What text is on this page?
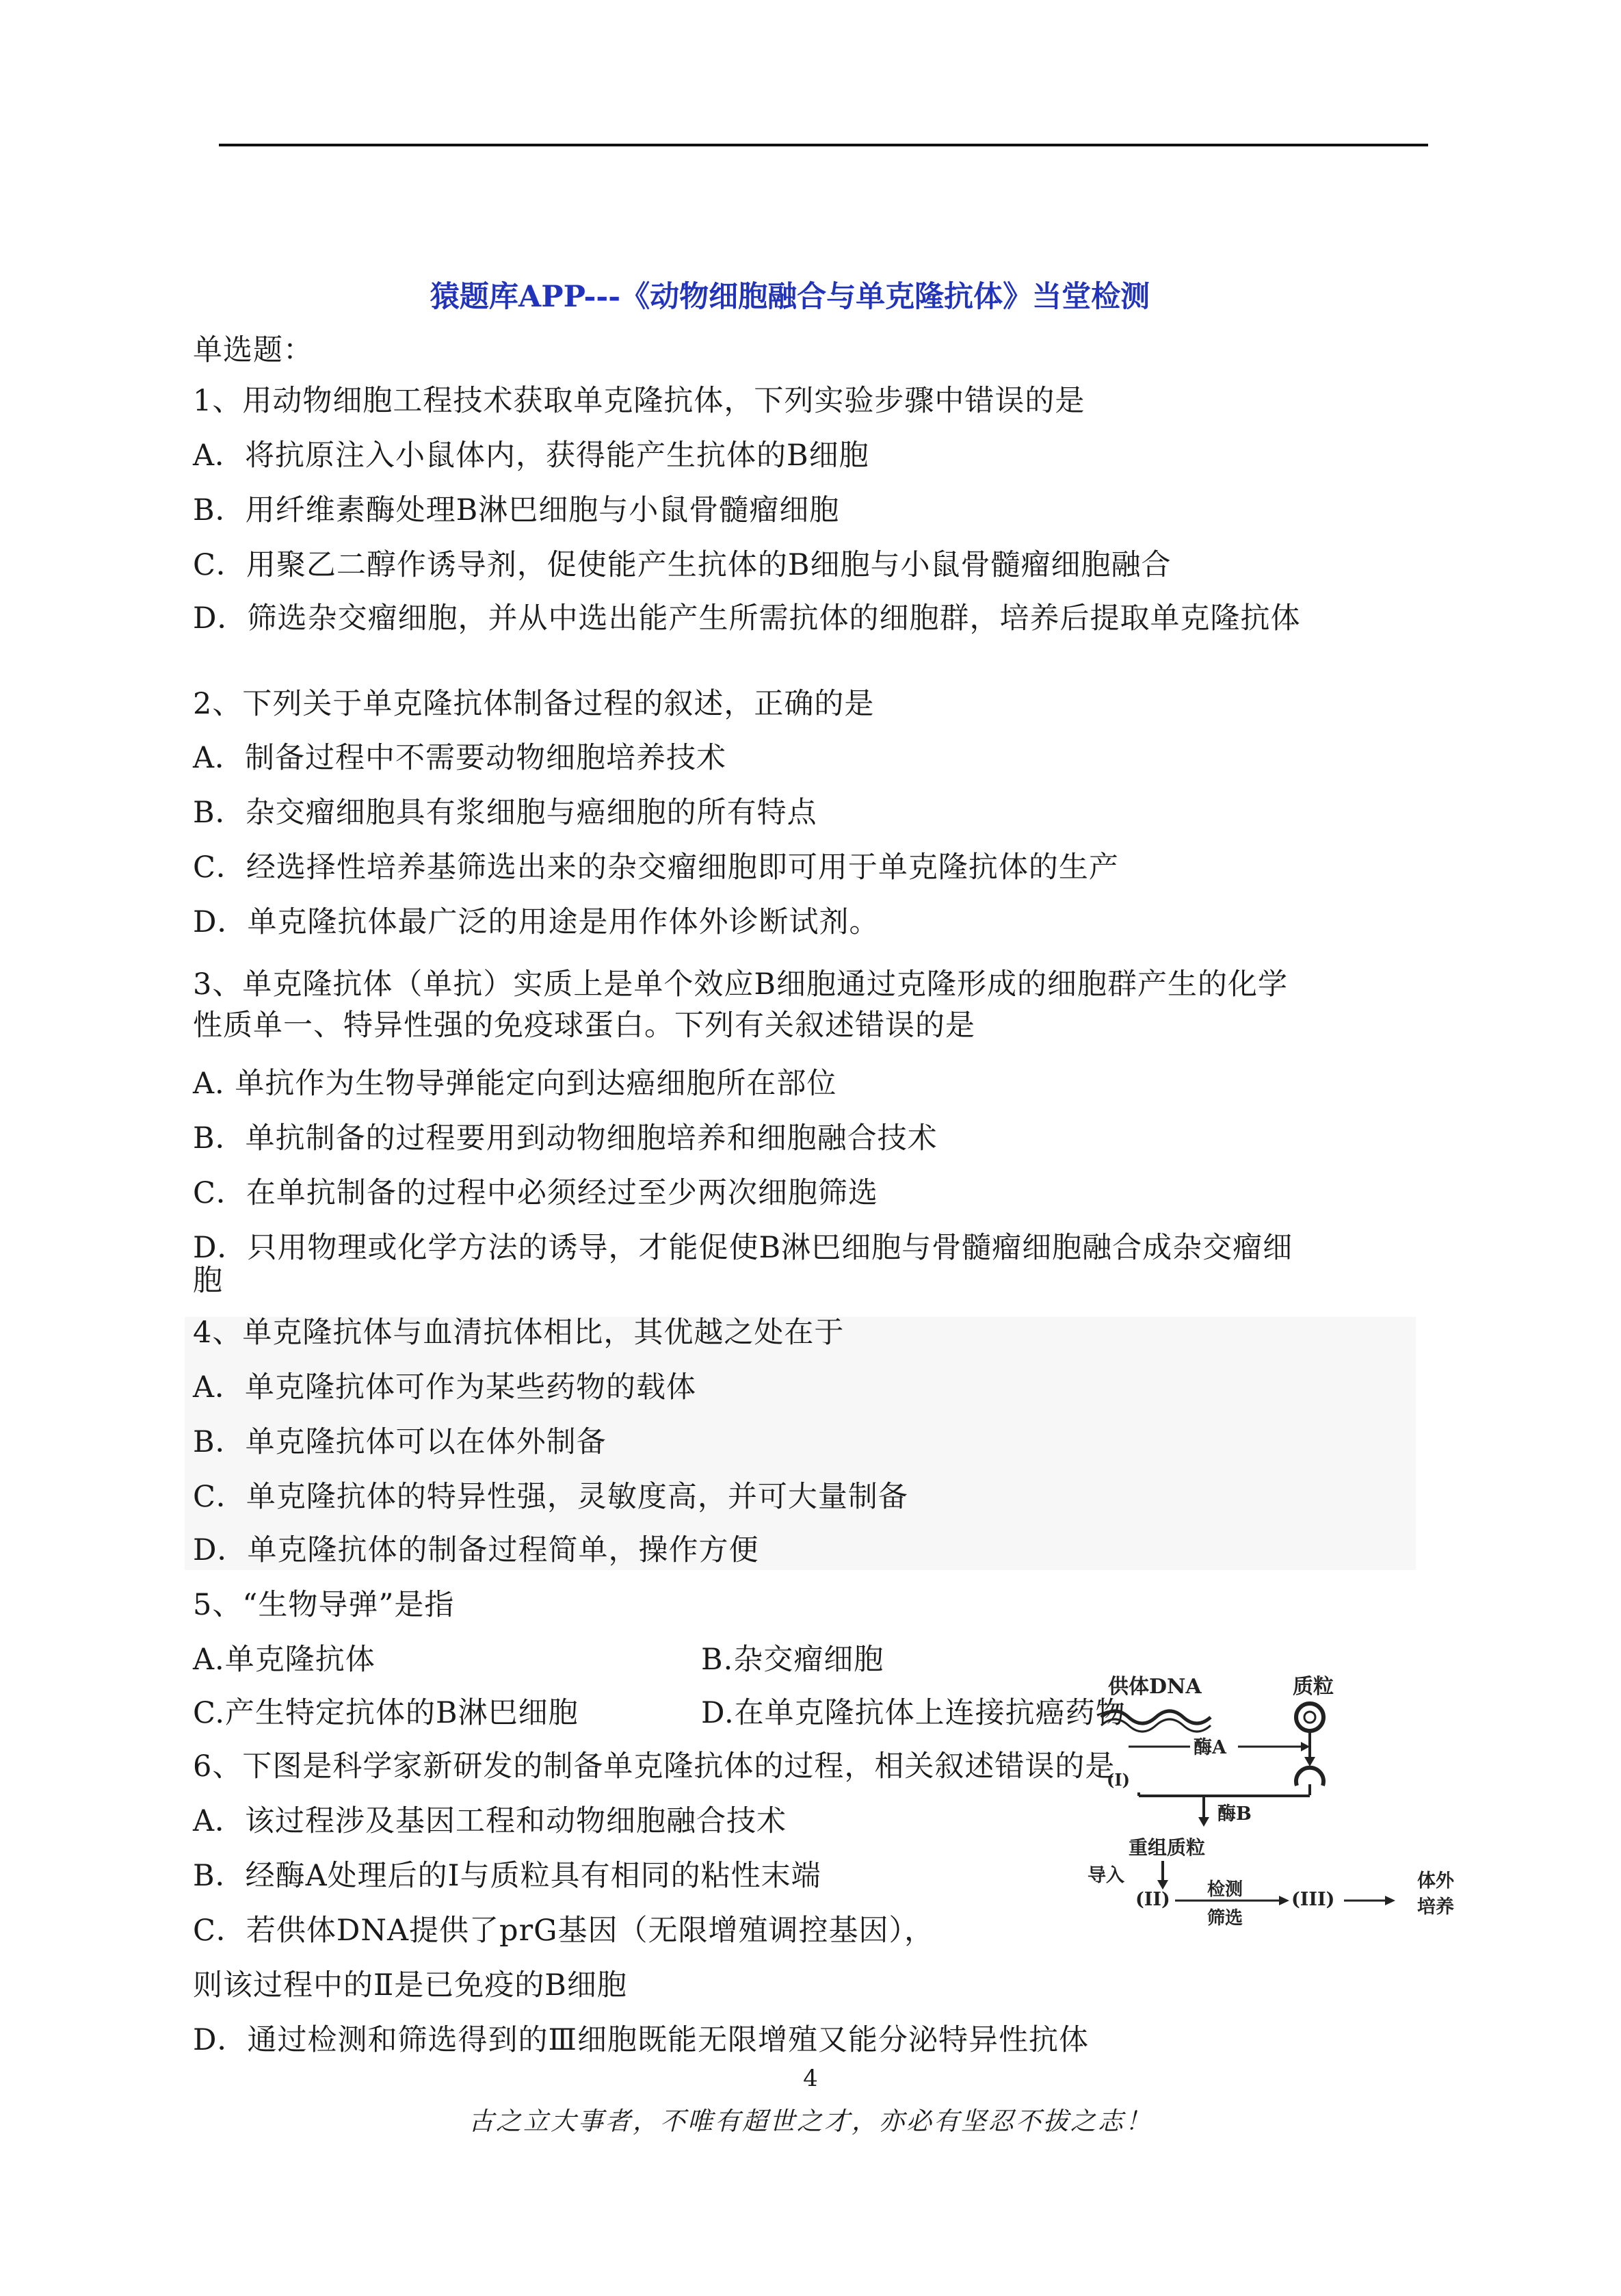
猿题库APP---《动物细胞融合与单克隆抗体》当堂检测
单选题：
1、用动物细胞工程技术获取单克隆抗体，下列实验步骤中错误的是
A．将抗原注入小鼠体内，获得能产生抗体的B细胞
B．用纤维素酶处理B淋巴细胞与小鼠骨髓瘤细胞
C．用聚乙二醇作诱导剂，促使能产生抗体的B细胞与小鼠骨髓瘤细胞融合
D．筛选杂交瘤细胞，并从中选出能产生所需抗体的细胞群，培养后提取单克隆抗体
2、下列关于单克隆抗体制备过程的叙述，正确的是
A．制备过程中不需要动物细胞培养技术
B．杂交瘤细胞具有浆细胞与癌细胞的所有特点
C．经选择性培养基筛选出来的杂交瘤细胞即可用于单克隆抗体的生产
D．单克隆抗体最广泛的用途是用作体外诊断试剂。
3、单克隆抗体（单抗）实质上是单个效应B细胞通过克隆形成的细胞群产生的化学
性质单一、特异性强的免疫球蛋白。下列有关叙述错误的是
A. 单抗作为生物导弹能定向到达癌细胞所在部位
B．单抗制备的过程要用到动物细胞培养和细胞融合技术
C．在单抗制备的过程中必须经过至少两次细胞筛选
D．只用物理或化学方法的诱导，才能促使B淋巴细胞与骨髓瘤细胞融合成杂交瘤细
胞
4、单克隆抗体与血清抗体相比，其优越之处在于
A．单克隆抗体可作为某些药物的载体
B．单克隆抗体可以在体外制备
C．单克隆抗体的特异性强，灵敏度高，并可大量制备
D．单克隆抗体的制备过程简单，操作方便
5、“生物导弹”是指
A.单克隆抗体	B.杂交瘤细胞
C.产生特定抗体的B淋巴细胞	D.在单克隆抗体上连接抗癌药物
6、下图是科学家新研发的制备单克隆抗体的过程，相关叙述错误的是
A．该过程涉及基因工程和动物细胞融合技术
B．经酶A处理后的Ⅰ与质粒具有相同的粘性末端
C．若供体DNA提供了prG基因（无限增殖调控基因），
则该过程中的Ⅱ是已免疫的B细胞
D．通过检测和筛选得到的Ⅲ细胞既能无限增殖又能分泌特异性抗体
供体DNA	质粒
酶A
(I)
酶B
重组质粒
导入
(II) 检测
筛选
(III)
体外
培养
4
古之立大事者，不唯有超世之才，亦必有坚忍不拔之志！
